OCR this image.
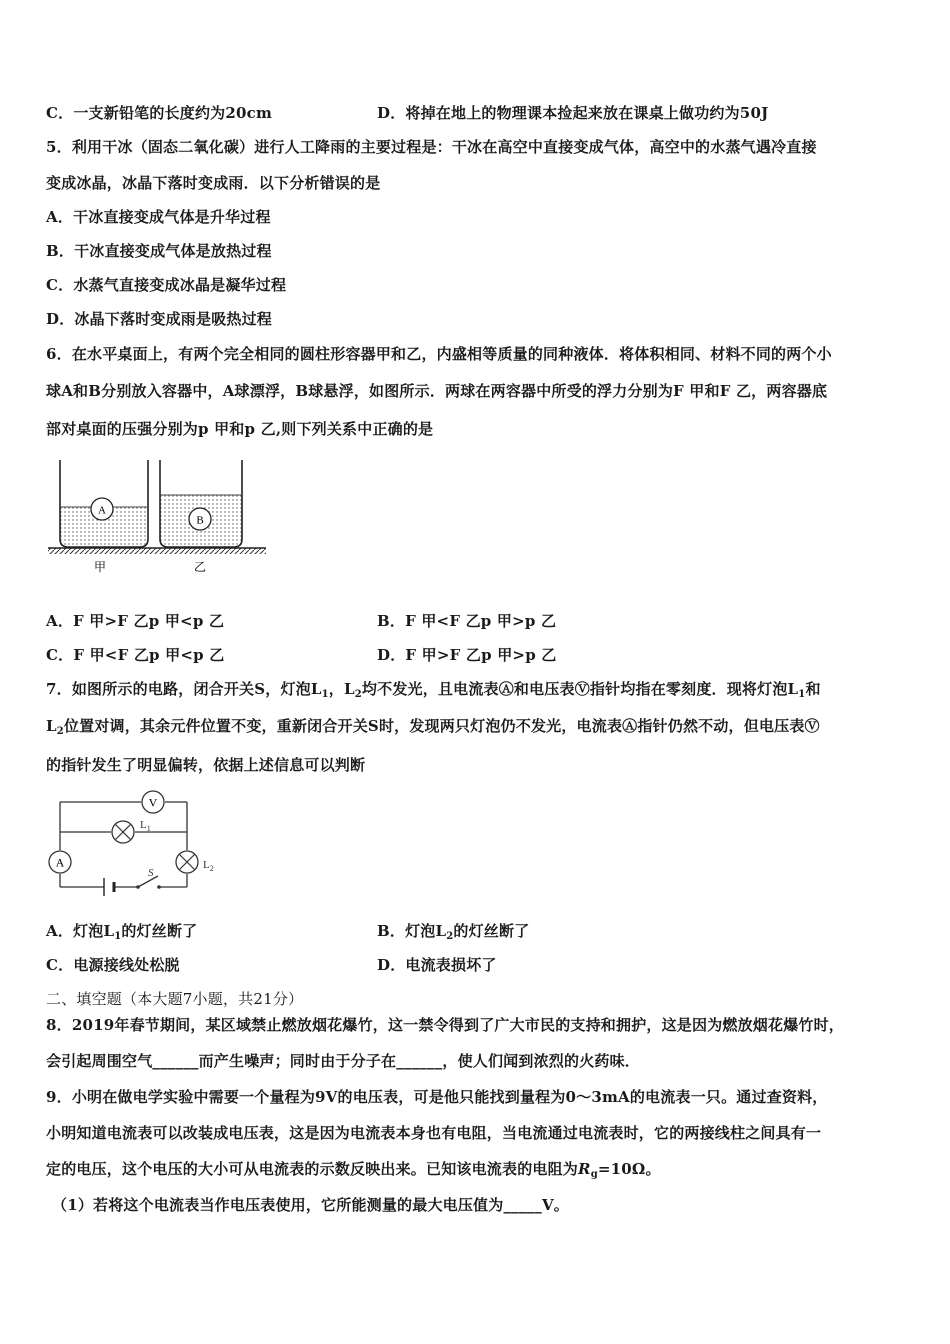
C．一支新铅笔的长度约为20cm	D．将掉在地上的物理课本捡起来放在课桌上做功约为50J
5．利用干冰（固态二氧化碳）进行人工降雨的主要过程是：干冰在高空中直接变成气体，高空中的水蒸气遇冷直接
变成冰晶，冰晶下落时变成雨．以下分析错误的是
A．干冰直接变成气体是升华过程
B．干冰直接变成气体是放热过程
C．水蒸气直接变成冰晶是凝华过程
D．冰晶下落时变成雨是吸热过程
6．在水平桌面上，有两个完全相同的圆柱形容器甲和乙，内盛相等质量的同种液体．将体积相同、材料不同的两个小
球A和B分别放入容器中，A球漂浮，B球悬浮，如图所示．两球在两容器中所受的浮力分别为F 甲和F 乙，两容器底
部对桌面的压强分别为p 甲和p 乙,则下列关系中正确的是
A
B
甲	乙
A．F 甲>F 乙p 甲<p 乙	B．F 甲<F 乙p 甲>p 乙
C．F 甲<F 乙p 甲<p 乙	D．F 甲>F 乙p 甲>p 乙
7．如图所示的电路，闭合开关S，灯泡$L_1$，$L_2$均不发光，且电流表Ⓐ和电压表Ⓥ指针均指在零刻度．现将灯泡$L_1$和
$L_2$位置对调，其余元件位置不变，重新闭合开关S时，发现两只灯泡仍不发光，电流表Ⓐ指针仍然不动，但电压表Ⓥ
的指针发生了明显偏转，依据上述信息可以判断
V
$L_1$
A	$L_2$
S
A．灯泡$L_1$的灯丝断了	B．灯泡$L_2$的灯丝断了
C．电源接线处松脱	D．电流表损坏了
二、填空题（本大题7小题，共21分）
8．2019年春节期间，某区域禁止燃放烟花爆竹，这一禁令得到了广大市民的支持和拥护，这是因为燃放烟花爆竹时，
会引起周围空气______而产生噪声；同时由于分子在______，使人们闻到浓烈的火药味．
9．小明在做电学实验中需要一个量程为9V的电压表，可是他只能找到量程为0～3mA的电流表一只。通过查资料，
小明知道电流表可以改装成电压表，这是因为电流表本身也有电阻，当电流通过电流表时，它的两接线柱之间具有一
定的电压，这个电压的大小可从电流表的示数反映出来。已知该电流表的电阻为$R_g=10\Omega$。
（1）若将这个电流表当作电压表使用，它所能测量的最大电压值为_____V。
